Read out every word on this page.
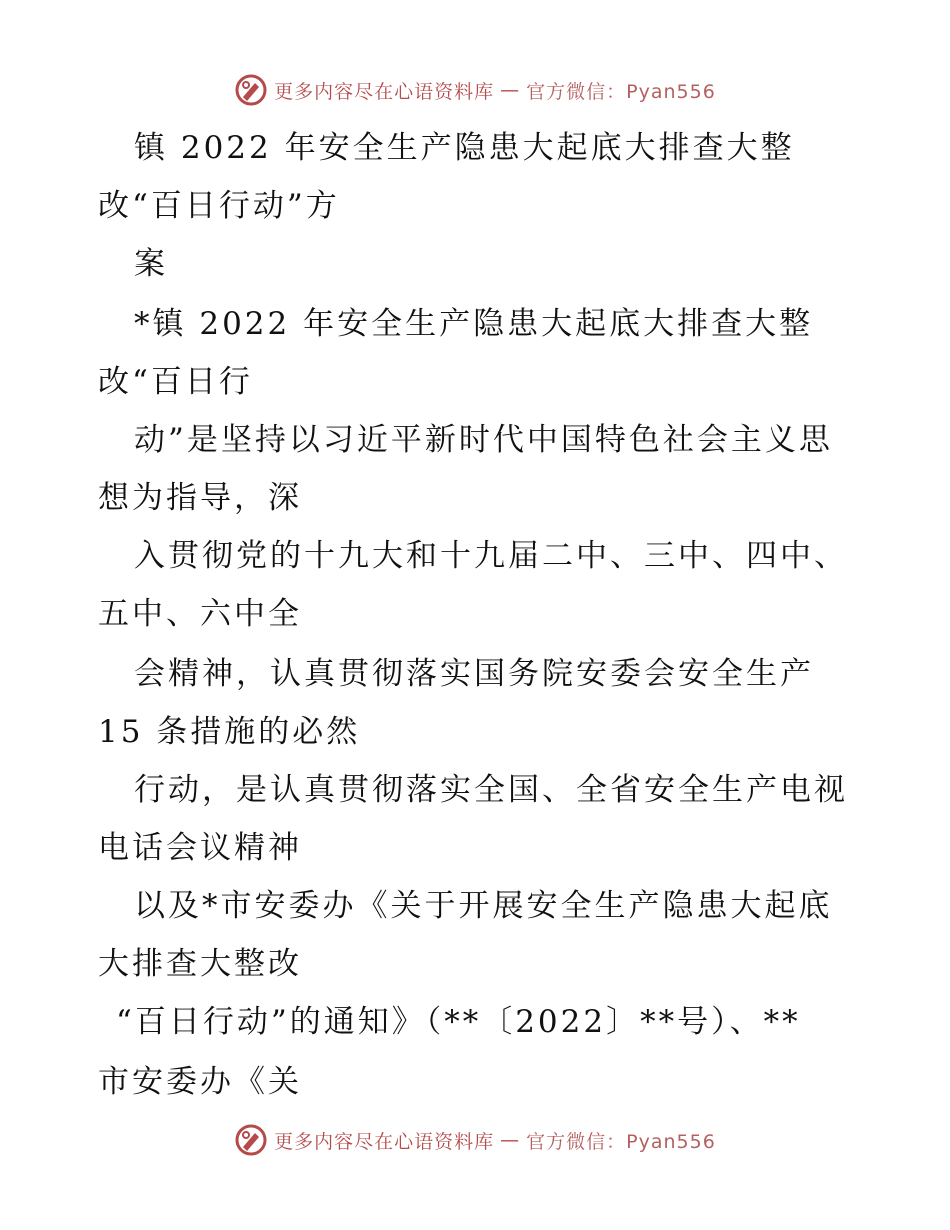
更多内容尽在心语资料库 — 官方微信：Pyan556
镇 2022 年安全生产隐患大起底大排查大整
改“百日行动”方
案
*镇 2022 年安全生产隐患大起底大排查大整
改“百日行
动”是坚持以习近平新时代中国特色社会主义思
想为指导，深
入贯彻党的十九大和十九届二中、三中、四中、
五中、六中全
会精神，认真贯彻落实国务院安委会安全生产
15 条措施的必然
行动，是认真贯彻落实全国、全省安全生产电视
电话会议精神
以及*市安委办《关于开展安全生产隐患大起底
大排查大整改
“百日行动”的通知》（**〔2022〕**号）、**
市安委办《关
更多内容尽在心语资料库 — 官方微信：Pyan556
